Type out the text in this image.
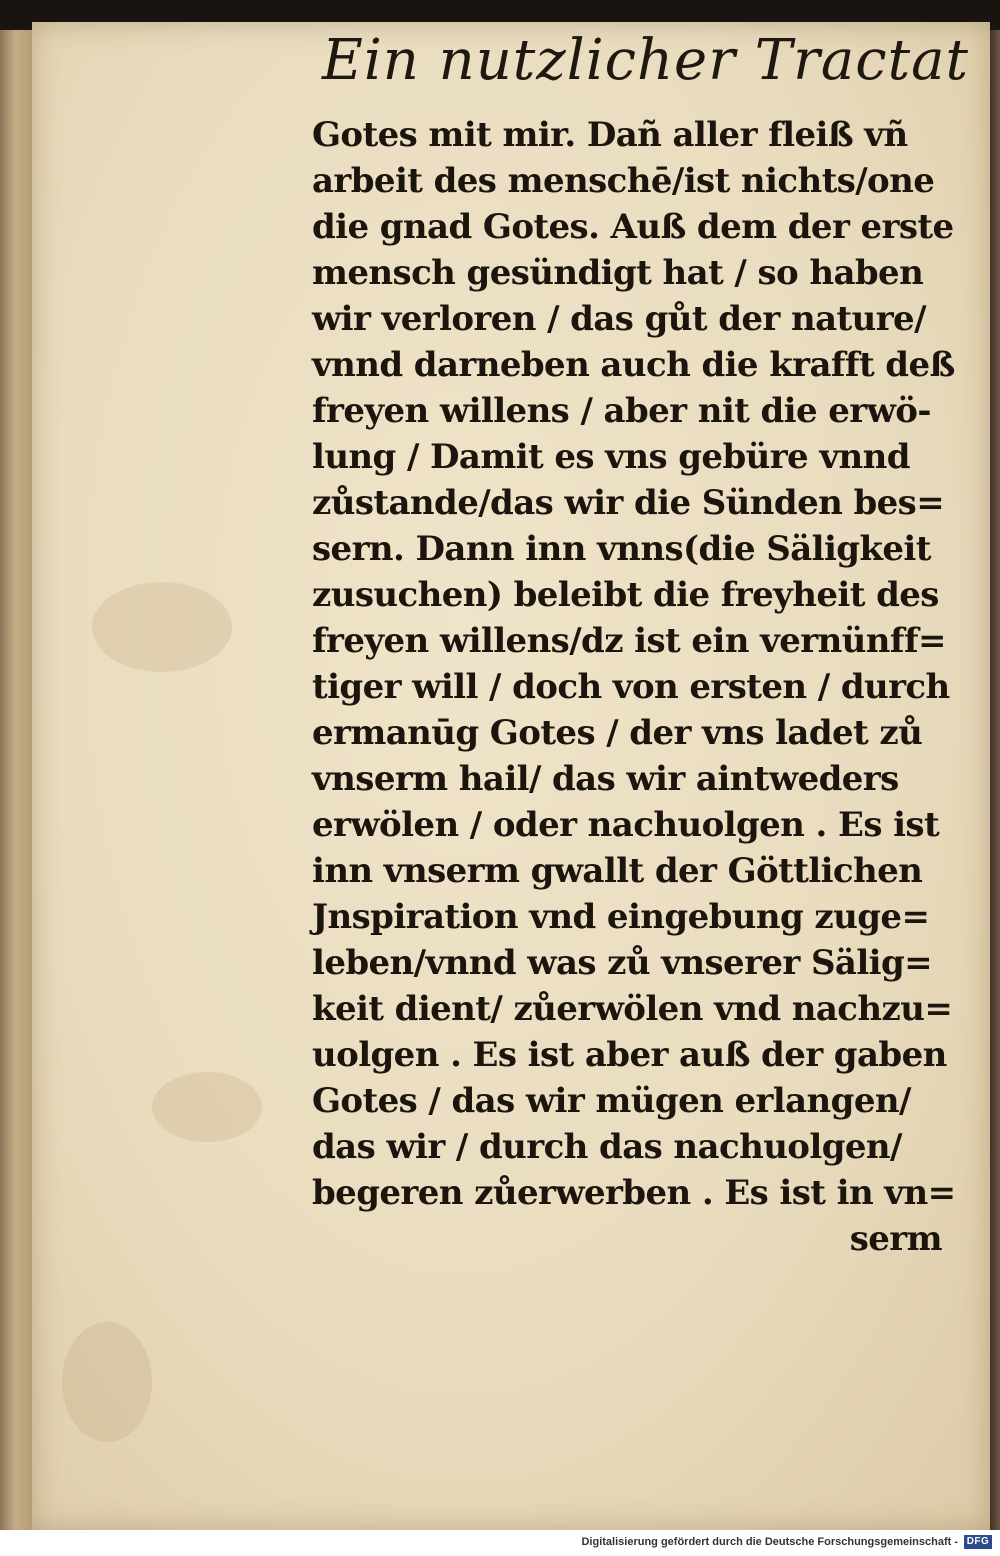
Ein nutzlicher Tractat
Gotes mit mir. Dañ aller fleiß vñ
arbeit des menschē/ist nichts/one
die gnad Gotes. Auß dem der erste
mensch gesündigt hat / so haben
wir verloren / das gůt der nature/
vnnd darneben auch die krafft deß
freyen willens / aber nit die erwö-
lung / Damit es vns gebüre vnnd
zůstande/das wir die Sünden bes=
sern. Dann inn vnns(die Säligkeit
zusuchen) beleibt die freyheit des
freyen willens/dz ist ein vernünff=
tiger will / doch von ersten / durch
ermanūg Gotes / der vns ladet zů
vnserm hail/ das wir aintweders
erwölen / oder nachuolgen . Es ist
inn vnserm gwallt der Göttlichen
Jnspiration vnd eingebung zuge=
leben/vnnd was zů vnserer Sälig=
keit dient/ zůerwölen vnd nachzu=
uolgen . Es ist aber auß der gaben
Gotes / das wir mügen erlangen/
das wir / durch das nachuolgen/
begeren zůerwerben . Es ist in vn=
serm
Digitalisierung gefördert durch die Deutsche Forschungsgemeinschaft - DFG
